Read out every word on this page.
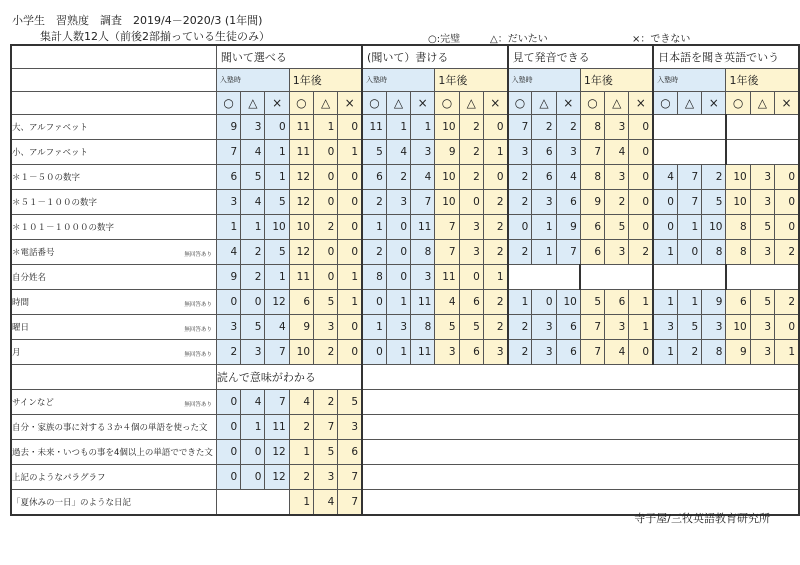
小学生　習熟度　調査　2019/4－2020/3 (1年間)
集計人数12人（前後2部揃っている生徒のみ）	○:完璧	△：だいたい	×：できない
	聞いて選べる						(聞いて）書ける						見て発音できる						日本語を聞き英語でいう					
	入塾時			1年後			入塾時			1年後			入塾時			1年後			入塾時			1年後		
	○	△	×	○	△	×	○	△	×	○	△	×	○	△	×	○	△	×	○	△	×	○	△	×
大、アルファベット	9	3	0	11	1	0	11	1	1	10	2	0	7	2	2	8	3	0						
小、アルファベット	7	4	1	11	0	1	5	4	3	9	2	1	3	6	3	7	4	0						
＊１－５０の数字	6	5	1	12	0	0	6	2	4	10	2	0	2	6	4	8	3	0	4	7	2	10	3	0
＊５１－１００の数字	3	4	5	12	0	0	2	3	7	10	0	2	2	3	6	9	2	0	0	7	5	10	3	0
＊１０１－１０００の数字	1	1	10	10	2	0	1	0	11	7	3	2	0	1	9	6	5	0	0	1	10	8	5	0
＊電話番号 無回答あり	4	2	5	12	0	0	2	0	8	7	3	2	2	1	7	6	3	2	1	0	8	8	3	2
自分姓名	9	2	1	11	0	1	8	0	3	11	0	1												
時間 無回答あり	0	0	12	6	5	1	0	1	11	4	6	2	1	0	10	5	6	1	1	1	9	6	5	2
曜日 無回答あり	3	5	4	9	3	0	1	3	8	5	5	2	2	3	6	7	3	1	3	5	3	10	3	0
月 無回答あり	2	3	7	10	2	0	0	1	11	3	6	3	2	3	6	7	4	0	1	2	8	9	3	1
	読んで意味がわかる																							
サインなど 無回答あり	0	4	7	4	2	5																		
自分・家族の事に対する３か４個の単語を使った文	0	1	11	2	7	3																		
過去・未来・いつもの事を4個以上の単語でできた文	0	0	12	1	5	6																		
上記のようなパラグラフ	0	0	12	2	3	7																		
「夏休みの一日」のような日記				1	4	7																		
寺子屋/三牧英語教育研究所
